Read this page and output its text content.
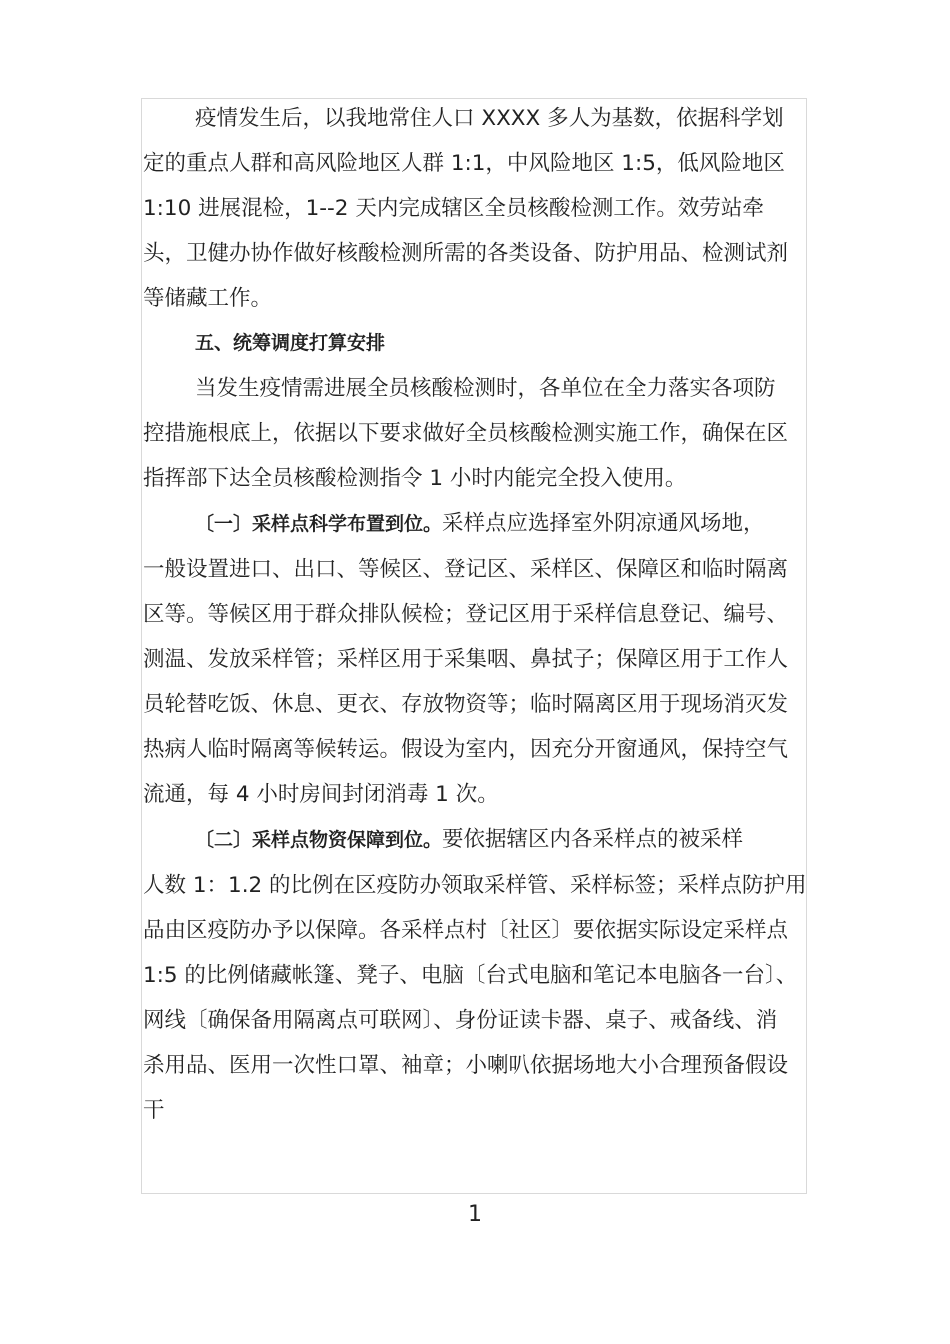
疫情发生后，以我地常住人口 XXXX 多人为基数，依据科学划

定的重点人群和高风险地区人群 1:1，中风险地区 1:5，低风险地区

1:10 进展混检，1--2 天内完成辖区全员核酸检测工作。效劳站牵

头，卫健办协作做好核酸检测所需的各类设备、防护用品、检测试剂

等储藏工作。

五、统筹调度打算安排

当发生疫情需进展全员核酸检测时，各单位在全力落实各项防

控措施根底上，依据以下要求做好全员核酸检测实施工作，确保在区

指挥部下达全员核酸检测指令 1 小时内能完全投入使用。

〔一〕采样点科学布置到位。采样点应选择室外阴凉通风场地，

一般设置进口、出口、等候区、登记区、采样区、保障区和临时隔离

区等。等候区用于群众排队候检；登记区用于采样信息登记、编号、

测温、发放采样管；采样区用于采集咽、鼻拭子；保障区用于工作人

员轮替吃饭、休息、更衣、存放物资等；临时隔离区用于现场消灭发

热病人临时隔离等候转运。假设为室内，因充分开窗通风，保持空气

流通，每 4 小时房间封闭消毒 1 次。

〔二〕采样点物资保障到位。要依据辖区内各采样点的被采样

人数 1：1.2 的比例在区疫防办领取采样管、采样标签；采样点防护用

品由区疫防办予以保障。各采样点村〔社区〕要依据实际设定采样点

1:5 的比例储藏帐篷、凳子、电脑〔台式电脑和笔记本电脑各一台〕、

网线〔确保备用隔离点可联网〕、身份证读卡器、桌子、戒备线、消

杀用品、医用一次性口罩、袖章；小喇叭依据场地大小合理预备假设

干

1
